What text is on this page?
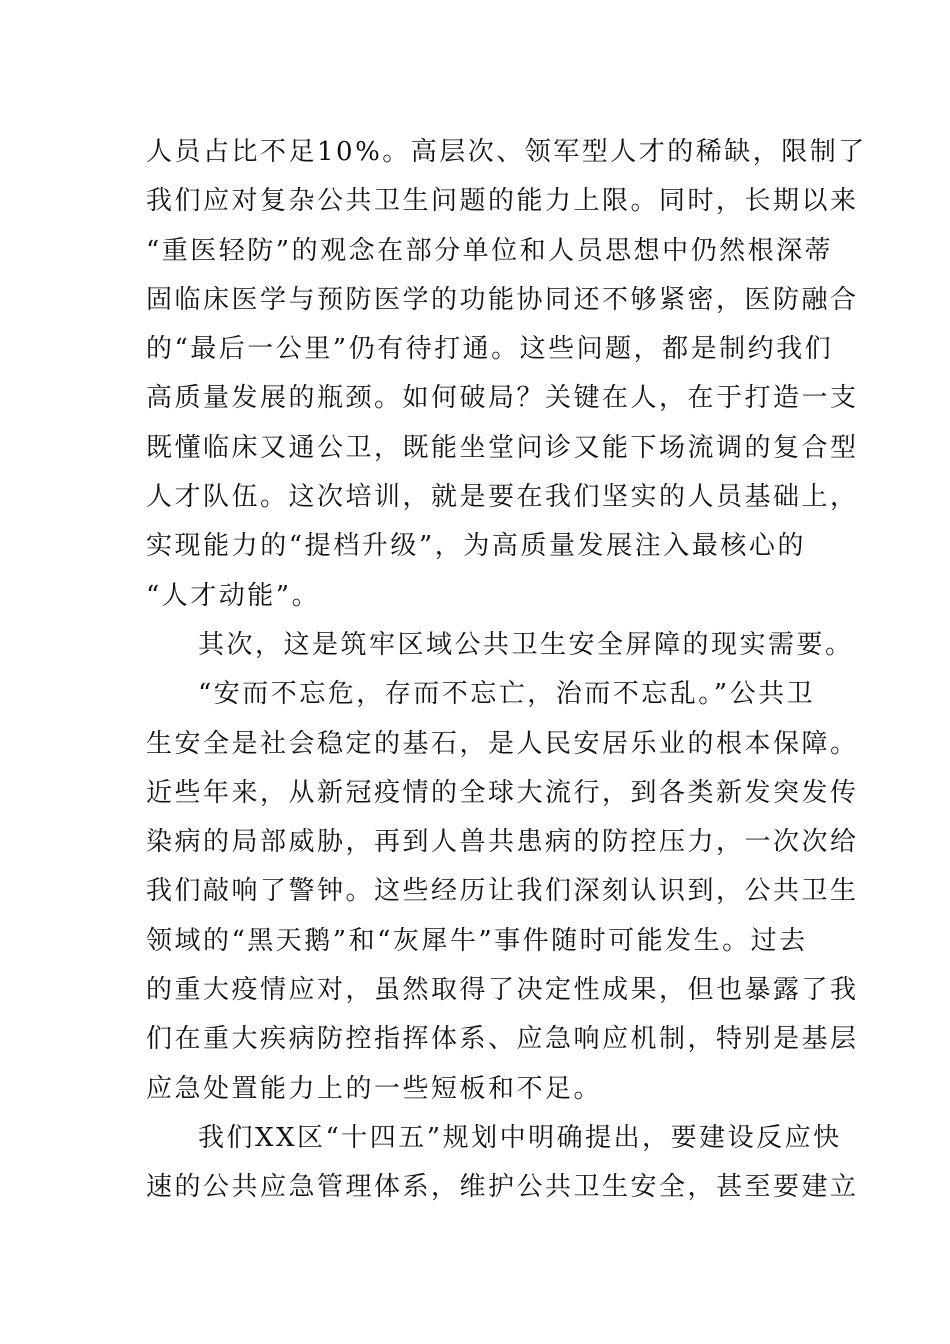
人员占比不足10%。高层次、领军型人才的稀缺，限制了
我们应对复杂公共卫生问题的能力上限。同时，长期以来
“重医轻防”的观念在部分单位和人员思想中仍然根深蒂
固临床医学与预防医学的功能协同还不够紧密，医防融合
的“最后一公里”仍有待打通。这些问题，都是制约我们
高质量发展的瓶颈。如何破局？关键在人，在于打造一支
既懂临床又通公卫，既能坐堂问诊又能下场流调的复合型
人才队伍。这次培训，就是要在我们坚实的人员基础上，
实现能力的“提档升级”，为高质量发展注入最核心的
“人才动能”。
其次，这是筑牢区域公共卫生安全屏障的现实需要。
“安而不忘危，存而不忘亡，治而不忘乱。”公共卫
生安全是社会稳定的基石，是人民安居乐业的根本保障。
近些年来，从新冠疫情的全球大流行，到各类新发突发传
染病的局部威胁，再到人兽共患病的防控压力，一次次给
我们敲响了警钟。这些经历让我们深刻认识到，公共卫生
领域的“黑天鹅”和“灰犀牛”事件随时可能发生。过去
的重大疫情应对，虽然取得了决定性成果，但也暴露了我
们在重大疾病防控指挥体系、应急响应机制，特别是基层
应急处置能力上的一些短板和不足。
我们XX区“十四五”规划中明确提出，要建设反应快
速的公共应急管理体系，维护公共卫生安全，甚至要建立
